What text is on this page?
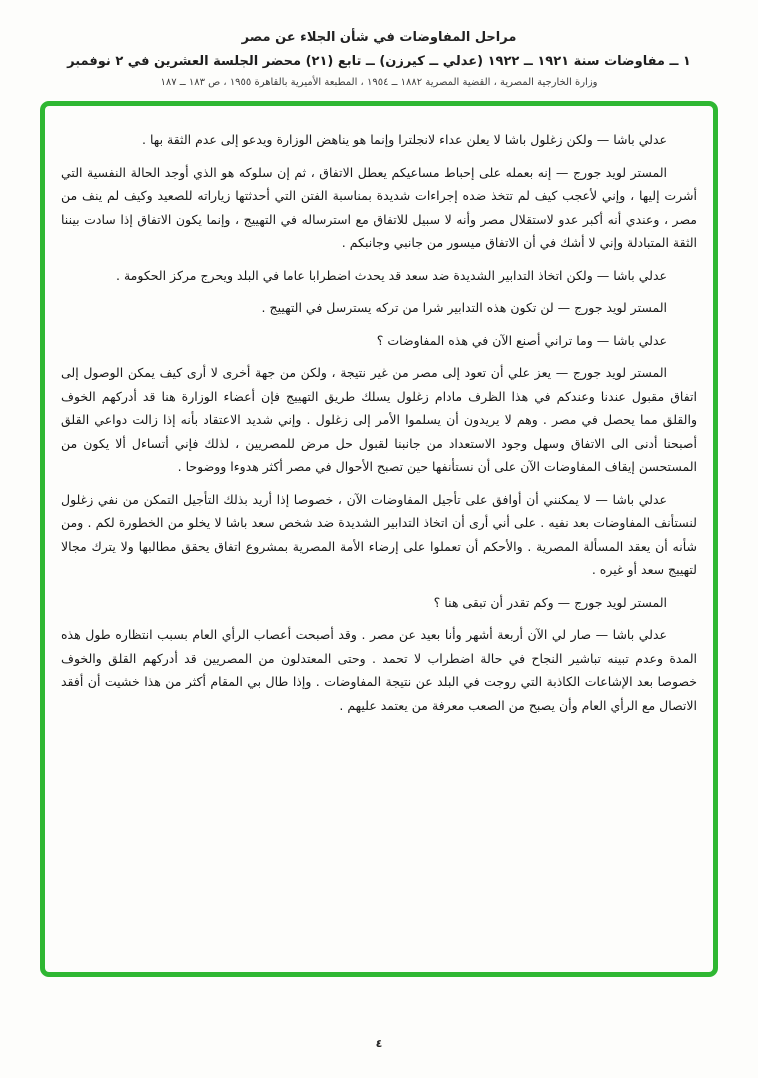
مراحل المفاوضات في شأن الجلاء عن مصر
١ ــ مفاوضات سنة ١٩٢١ ــ ١٩٢٢ (عدلي ــ كيرزن) ــ تابع (٢١) محضر الجلسة العشرين في ٢ نوفمبر
وزارة الخارجية المصرية ، القضية المصرية ١٨٨٢ ــ ١٩٥٤ ، المطبعة الأميرية بالقاهرة ١٩٥٥ ، ص ١٨٣ ــ ١٨٧

عدلي باشا — ولكن زغلول باشا لا يعلن عداء لانجلترا وإنما هو يناهض الوزارة ويدعو إلى عدم الثقة بها .

المستر لويد جورج — إنه بعمله على إحباط مساعيكم يعطل الاتفاق ، ثم إن سلوكه هو الذي أوجد الحالة النفسية التي أشرت إليها ، وإني لأعجب كيف لم تتخذ ضده إجراءات شديدة بمناسبة الفتن التي أحدثتها زياراته للصعيد وكيف لم ينف من مصر ، وعندي أنه أكبر عدو لاستقلال مصر وأنه لا سبيل للاتفاق مع استرساله في التهييج ، وإنما يكون الاتفاق إذا سادت بيننا الثقة المتبادلة وإني لا أشك في أن الاتفاق ميسور من جانبي وجانبكم .

عدلي باشا — ولكن اتخاذ التدابير الشديدة ضد سعد قد يحدث اضطرابا عاما في البلد ويحرج مركز الحكومة .

المستر لويد جورج — لن تكون هذه التدابير شرا من تركه يسترسل في التهييج .

عدلي باشا — وما تراني أصنع الآن في هذه المفاوضات ؟

المستر لويد جورج — يعز علي أن تعود إلى مصر من غير نتيجة ، ولكن من جهة أخرى لا أرى كيف يمكن الوصول إلى اتفاق مقبول عندنا وعندكم في هذا الظرف مادام زغلول يسلك طريق التهييج فإن أعضاء الوزارة هنا قد أدركهم الخوف والقلق مما يحصل في مصر . وهم لا يريدون أن يسلموا الأمر إلى زغلول . وإني شديد الاعتقاد بأنه إذا زالت دواعي القلق أصبحنا أدنى الى الاتفاق وسهل وجود الاستعداد من جانبنا لقبول حل مرض للمصريين ، لذلك فإني أتساءل ألا يكون من المستحسن إيقاف المفاوضات الآن على أن نستأنفها حين تصبح الأحوال في مصر أكثر هدوءا ووضوحا .

عدلي باشا — لا يمكنني أن أوافق على تأجيل المفاوضات الآن ، خصوصا إذا أريد بذلك التأجيل التمكن من نفي زغلول لنستأنف المفاوضات بعد نفيه . على أني أرى أن اتخاذ التدابير الشديدة ضد شخص سعد باشا لا يخلو من الخطورة لكم . ومن شأنه أن يعقد المسألة المصرية . والأحكم أن تعملوا على إرضاء الأمة المصرية بمشروع اتفاق يحقق مطالبها ولا يترك مجالا لتهييج سعد أو غيره .

المستر لويد جورج — وكم تقدر أن تبقى هنا ؟

عدلي باشا — صار لي الآن أربعة أشهر وأنا بعيد عن مصر . وقد أصبحت أعصاب الرأي العام بسبب انتظاره طول هذه المدة وعدم تبينه تباشير النجاح في حالة اضطراب لا تحمد . وحتى المعتدلون من المصريين قد أدركهم القلق والخوف خصوصا بعد الإشاعات الكاذبة التي روجت في البلد عن نتيجة المفاوضات . وإذا طال بي المقام أكثر من هذا خشيت أن أفقد الاتصال مع الرأي العام وأن يصبح من الصعب معرفة من يعتمد عليهم .

٤
